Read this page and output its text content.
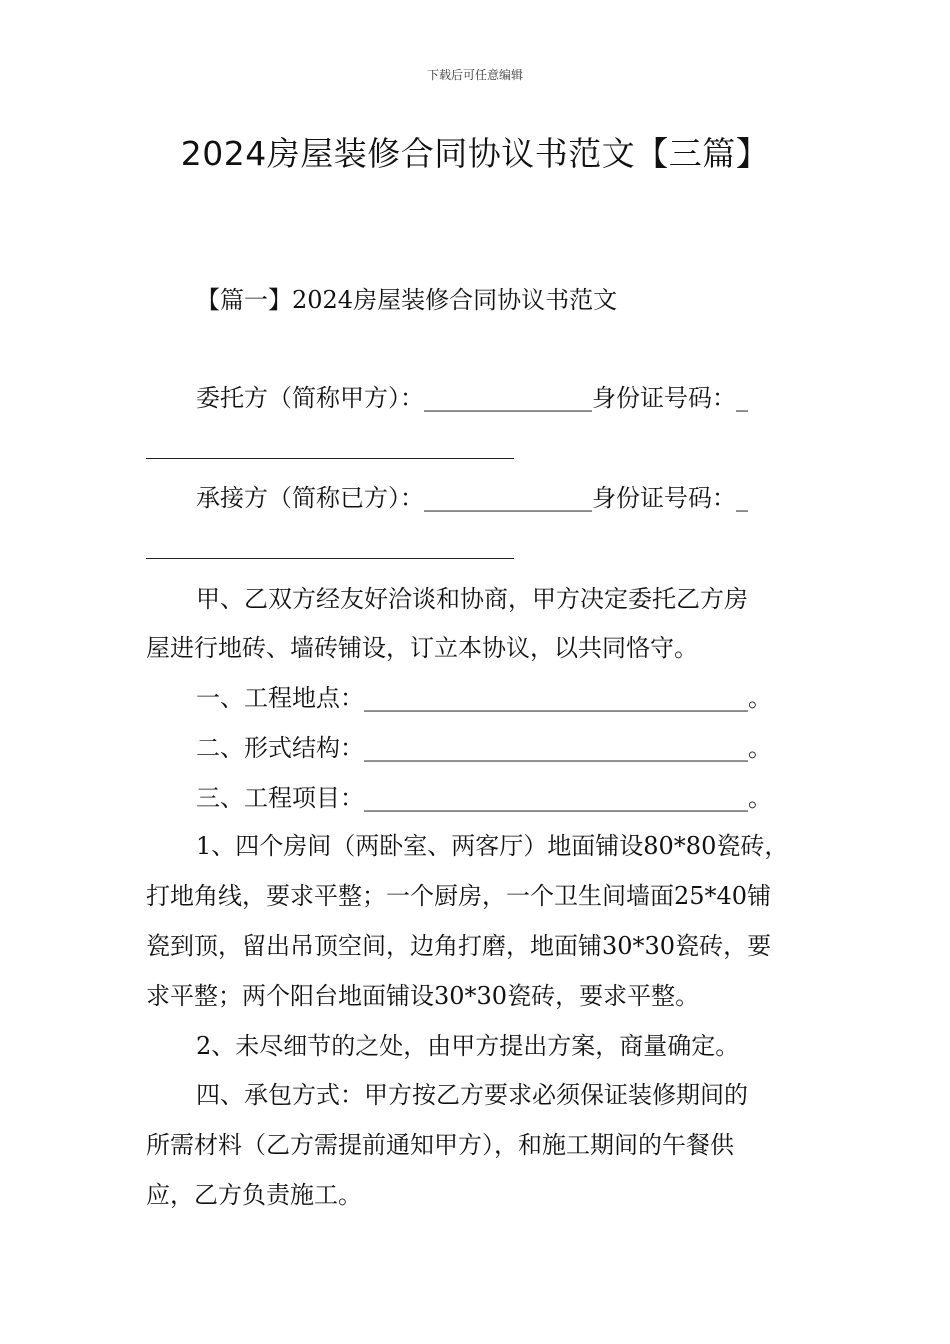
下载后可任意编辑
2024房屋装修合同协议书范文【三篇】
【篇一】2024房屋装修合同协议书范文
委托方（简称甲方）：______________身份证号码：_
承接方（简称已方）：______________身份证号码：_
甲、乙双方经友好洽谈和协商，甲方决定委托乙方房
屋进行地砖、墙砖铺设，订立本协议，以共同恪守。
一、工程地点：________________________________。
二、形式结构：________________________________。
三、工程项目：________________________________。
1、四个房间（两卧室、两客厅）地面铺设80*80瓷砖，
打地角线，要求平整；一个厨房，一个卫生间墙面25*40铺
瓷到顶，留出吊顶空间，边角打磨，地面铺30*30瓷砖，要
求平整；两个阳台地面铺设30*30瓷砖，要求平整。
2、未尽细节的之处，由甲方提出方案，商量确定。
四、承包方式：甲方按乙方要求必须保证装修期间的
所需材料（乙方需提前通知甲方），和施工期间的午餐供
应，乙方负责施工。
